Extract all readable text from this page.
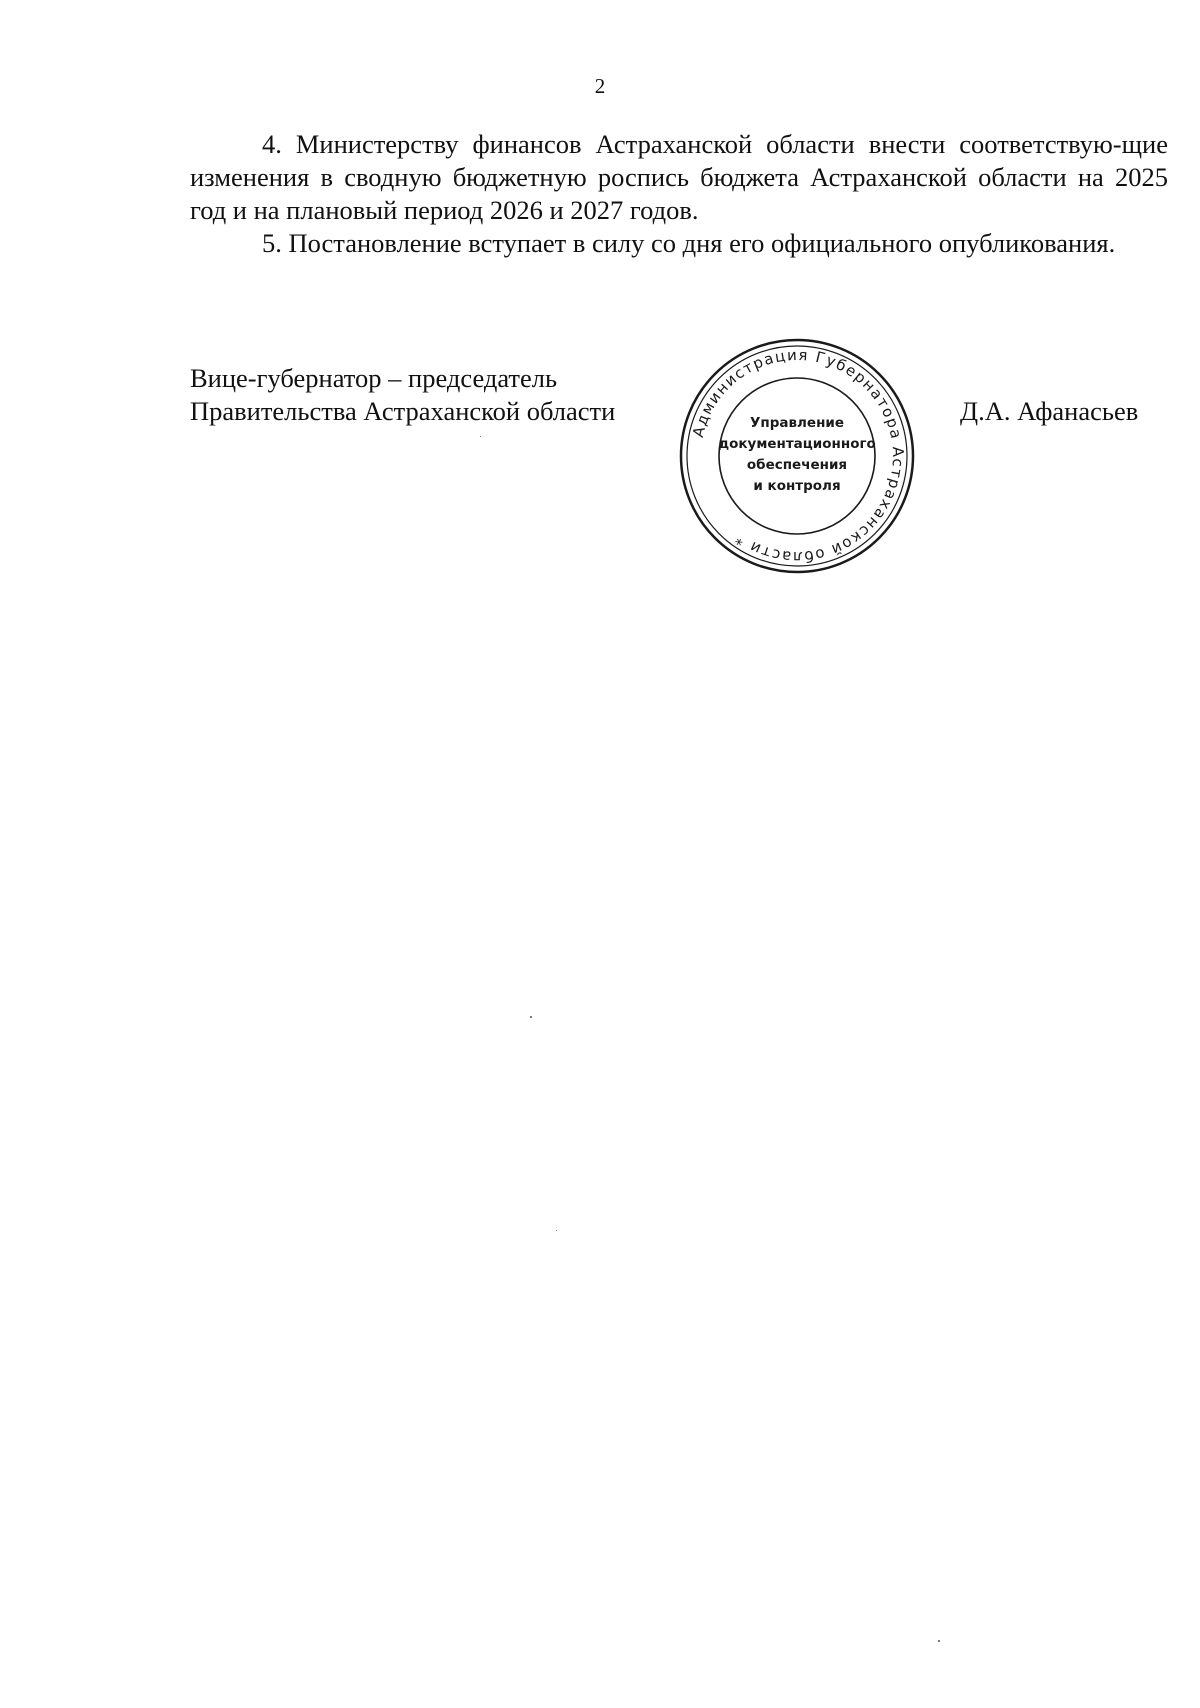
2

4. Министерству финансов Астраханской области внести соответствую-щие изменения в сводную бюджетную роспись бюджета Астраханской области на 2025 год и на плановый период 2026 и 2027 годов.

5. Постановление вступает в силу со дня его официального опубликования.

Вице-губернатор – председатель
Правительства Астраханской области	Д.А. Афанасьев
Администрация Губернатора Астраханской области *
Управление
документационного
обеспечения
и контроля
